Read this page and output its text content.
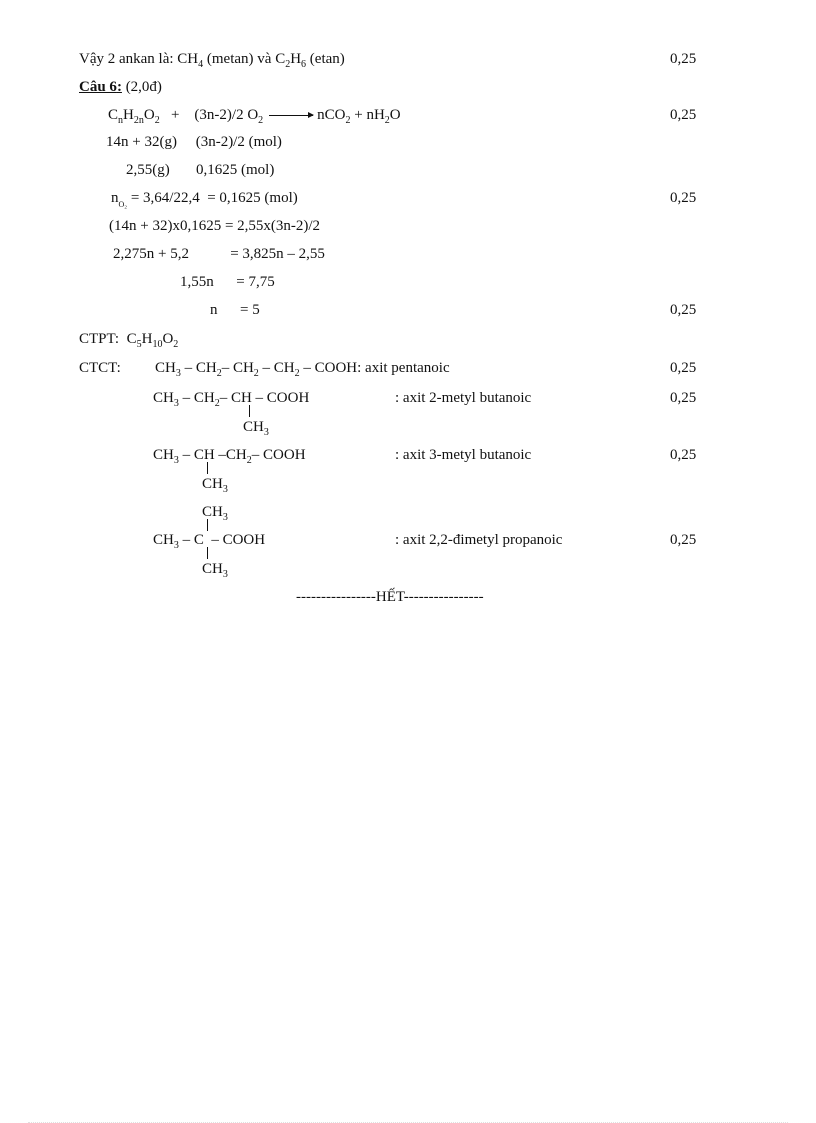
Vậy 2 ankan là: $CH_4$ (metan) và $C_2H_6$ (etan)	0,25
Câu 6: (2,0đ)
$C_nH_{2n}O_2$   +    (3n-2)/2 $O_2 \to nCO_2 + nH_2O$	0,25
14n + 32(g)     (3n-2)/2 (mol)
2,55(g)       0,1625 (mol)
$n_{O_2} = 3,64/22,4 = 0,1625$ (mol)	0,25
(14n + 32)x0,1625 = 2,55x(3n-2)/2
2,275n + 5,2           = 3,825n – 2,55
1,55n      = 7,75
n      = 5	0,25
CTPT:  $C_5H_{10}O_2$
CTCT: $CH_3 - CH_2-$ $CH_2 - CH_2$ – COOH: axit pentanoic	0,25
$CH_3 - CH_2-$ CH – COOH	: axit 2-metyl butanoic	0,25
$CH_3$
$CH_3$ – CH $-CH_2-$ COOH	: axit 3-metyl butanoic	0,25
$CH_3$
$CH_3$
$CH_3$ – C  – COOH	: axit 2,2-đimetyl propanoic	0,25
$CH_3$
----------------HẾT----------------
